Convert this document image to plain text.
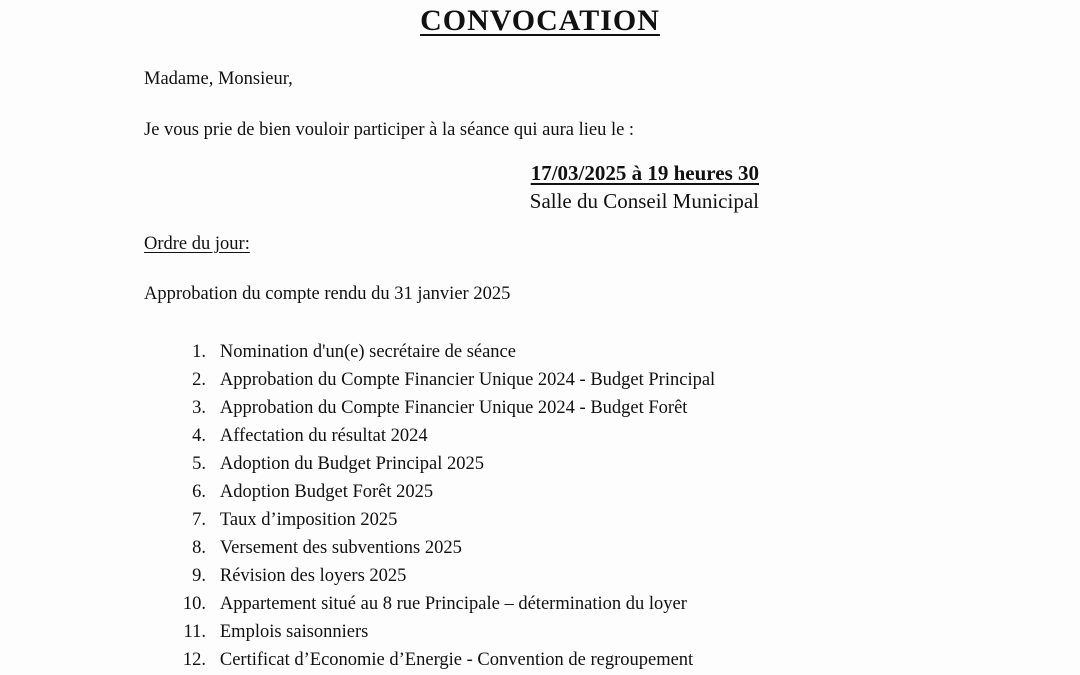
CONVOCATION
Madame, Monsieur,
Je vous prie de bien vouloir participer à la séance qui aura lieu le :
17/03/2025 à 19 heures 30
Salle du Conseil Municipal
Ordre du jour:
Approbation du compte rendu du 31 janvier 2025
1. Nomination d'un(e) secrétaire de séance
2. Approbation du Compte Financier Unique 2024 - Budget Principal
3. Approbation du Compte Financier Unique 2024 - Budget Forêt
4. Affectation du résultat 2024
5. Adoption du Budget Principal 2025
6. Adoption Budget Forêt 2025
7. Taux d’imposition 2025
8. Versement des subventions 2025
9. Révision des loyers 2025
10. Appartement situé au 8 rue Principale – détermination du loyer
11. Emplois saisonniers
12. Certificat d’Economie d’Energie - Convention de regroupement
